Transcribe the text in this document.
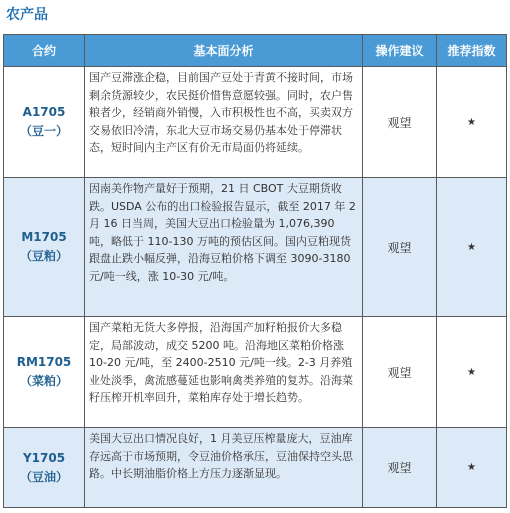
农产品
合约	基本面分析	操作建议	推荐指数

A1705
（豆一）	国产豆滞涨企稳，目前国产豆处于青黄不接时间，市场剩余货源较少，农民挺价惜售意愿较强。同时，农户售粮者少，经销商外销慢，入市积极性也不高，买卖双方交易依旧冷清，东北大豆市场交易仍基本处于停滞状态，短时间内主产区有价无市局面仍将延续。	观望	★

M1705
（豆粕）	因南美作物产量好于预期，21 日 CBOT 大豆期货收跌。USDA 公布的出口检验报告显示，截至 2017 年 2 月 16 日当周，美国大豆出口检验量为 1,076,390 吨，略低于 110-130 万吨的预估区间。国内豆粕现货跟盘止跌小幅反弹，沿海豆粕价格下调至 3090-3180 元/吨一线，涨 10-30 元/吨。	观望	★

RM1705
（菜粕）	国产菜粕无货大多停报，沿海国产加籽粕报价大多稳定，局部波动，成交 5200 吨。沿海地区菜粕价格涨 10-20 元/吨，至 2400-2510 元/吨一线。2-3 月养殖业处淡季，禽流感蔓延也影响禽类养殖的复苏。沿海菜籽压榨开机率回升，菜粕库存处于增长趋势。	观望	★

Y1705
（豆油）	美国大豆出口情况良好，1 月美豆压榨量庞大，豆油库存远高于市场预期，令豆油价格承压，豆油保持空头思路。中长期油脂价格上方压力逐渐显现。	观望	★
